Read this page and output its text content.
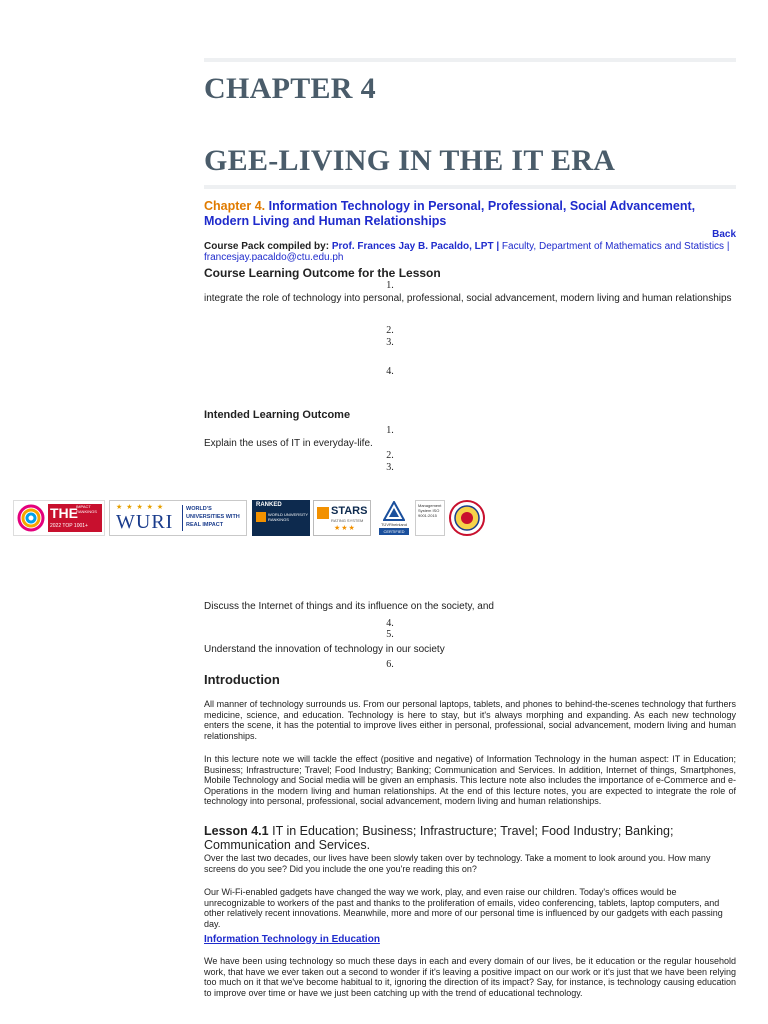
CHAPTER 4
GEE-LIVING IN THE IT ERA
Chapter 4. Information Technology in Personal, Professional, Social Advancement, Modern Living and Human Relationships
Back
Course Pack compiled by: Prof. Frances Jay B. Pacaldo, LPT | Faculty, Department of Mathematics and Statistics |
francesjay.pacaldo@ctu.edu.ph
Course Learning Outcome for the Lesson
1.
integrate the role of technology into personal, professional, social advancement, modern living and human relationships
2.
3.
4.
Intended Learning Outcome
1.
Explain the uses of IT in everyday-life.
2.
3.
THE
IMPACT RANKINGS
2022 TOP 1001+
★ ★ ★ ★ ★
WURI
WORLD'S UNIVERSITIES WITH REAL IMPACT
RANKED
WORLD UNIVERSITY RANKINGS
STARS
RATING SYSTEM
★★★
TÜVRheinland
CERTIFIED
Management System ISO 9001:2015
Discuss the Internet of things and its influence on the society, and
4.
5.
Understand the innovation of technology in our society
6.
Introduction
All manner of technology surrounds us. From our personal laptops, tablets, and phones to behind-the-scenes technology that furthers medicine, science, and education. Technology is here to stay, but it's always morphing and expanding. As each new technology enters the scene, it has the potential to improve lives either in personal, professional, social advancement, modern living and human relationships.
In this lecture note we will tackle the effect (positive and negative) of Information Technology in the human aspect: IT in Education; Business; Infrastructure; Travel; Food Industry; Banking; Communication and Services. In addition, Internet of things, Smartphones, Mobile Technology and Social media will be given an emphasis. This lecture note also includes the importance of e-Commerce and e-Operations in the modern living and human relationships. At the end of this lecture notes, you are expected to integrate the role of technology into personal, professional, social advancement, modern living and human relationships.
Lesson 4.1 IT in Education; Business; Infrastructure; Travel; Food Industry; Banking; Communication and Services.
Over the last two decades, our lives have been slowly taken over by technology. Take a moment to look around you. How many screens do you see? Did you include the one you're reading this on?
Our Wi-Fi-enabled gadgets have changed the way we work, play, and even raise our children. Today's offices would be unrecognizable to workers of the past and thanks to the proliferation of emails, video conferencing, tablets, laptop computers, and other relatively recent innovations. Meanwhile, more and more of our personal time is influenced by our gadgets with each passing day.
Information Technology in Education
We have been using technology so much these days in each and every domain of our lives, be it education or the regular household work, that have we ever taken out a second to wonder if it's leaving a positive impact on our work or it's just that we have been relying too much on it that we've become habitual to it, ignoring the direction of its impact? Say, for instance, is technology causing education to improve over time or have we just been catching up with the trend of educational technology.
